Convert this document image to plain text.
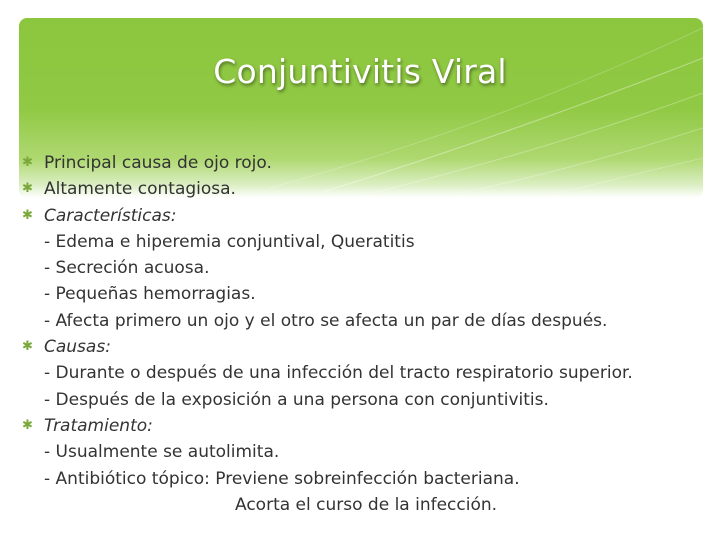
Conjuntivitis Viral
✱ Principal causa de ojo rojo.
✱ Altamente contagiosa.
✱ Características:
- Edema e hiperemia conjuntival, Queratitis
- Secreción acuosa.
- Pequeñas hemorragias.
- Afecta primero un ojo y el otro se afecta un par de días después.
✱ Causas:
- Durante o después de una infección del tracto respiratorio superior.
- Después de la exposición a una persona con conjuntivitis.
✱ Tratamiento:
- Usualmente se autolimita.
- Antibiótico tópico: Previene sobreinfección bacteriana.
Acorta el curso de la infección.
